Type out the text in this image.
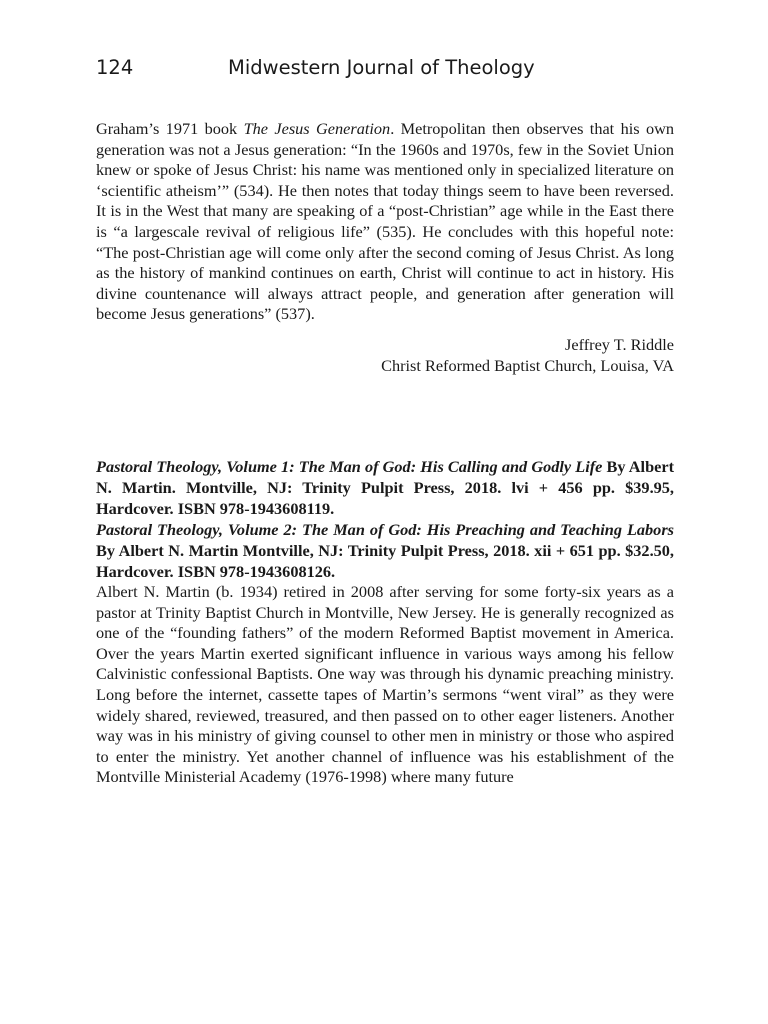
124	Midwestern Journal of Theology

Graham’s 1971 book The Jesus Generation. Metropolitan then observes that his own generation was not a Jesus generation: “In the 1960s and 1970s, few in the Soviet Union knew or spoke of Jesus Christ: his name was mentioned only in specialized literature on ‘scientific atheism’” (534). He then notes that today things seem to have been reversed. It is in the West that many are speaking of a “post-Christian” age while in the East there is “a largescale revival of religious life” (535). He concludes with this hopeful note: “The post-Christian age will come only after the second coming of Jesus Christ. As long as the history of mankind continues on earth, Christ will continue to act in history. His divine countenance will always attract people, and generation after generation will become Jesus generations” (537).

Jeffrey T. Riddle
Christ Reformed Baptist Church, Louisa, VA
Pastoral Theology, Volume 1: The Man of God: His Calling and Godly Life By Albert N. Martin. Montville, NJ: Trinity Pulpit Press, 2018. lvi + 456 pp. $39.95, Hardcover. ISBN 978-1943608119.
Pastoral Theology, Volume 2: The Man of God: His Preaching and Teaching Labors By Albert N. Martin Montville, NJ: Trinity Pulpit Press, 2018. xii + 651 pp. $32.50, Hardcover. ISBN 978-1943608126.

Albert N. Martin (b. 1934) retired in 2008 after serving for some forty-six years as a pastor at Trinity Baptist Church in Montville, New Jersey. He is generally recognized as one of the “founding fathers” of the modern Reformed Baptist movement in America. Over the years Martin exerted significant influence in various ways among his fellow Calvinistic confessional Baptists. One way was through his dynamic preaching ministry. Long before the internet, cassette tapes of Martin’s sermons “went viral” as they were widely shared, reviewed, treasured, and then passed on to other eager listeners. Another way was in his ministry of giving counsel to other men in ministry or those who aspired to enter the ministry. Yet another channel of influence was his establishment of the Montville Ministerial Academy (1976-1998) where many future
